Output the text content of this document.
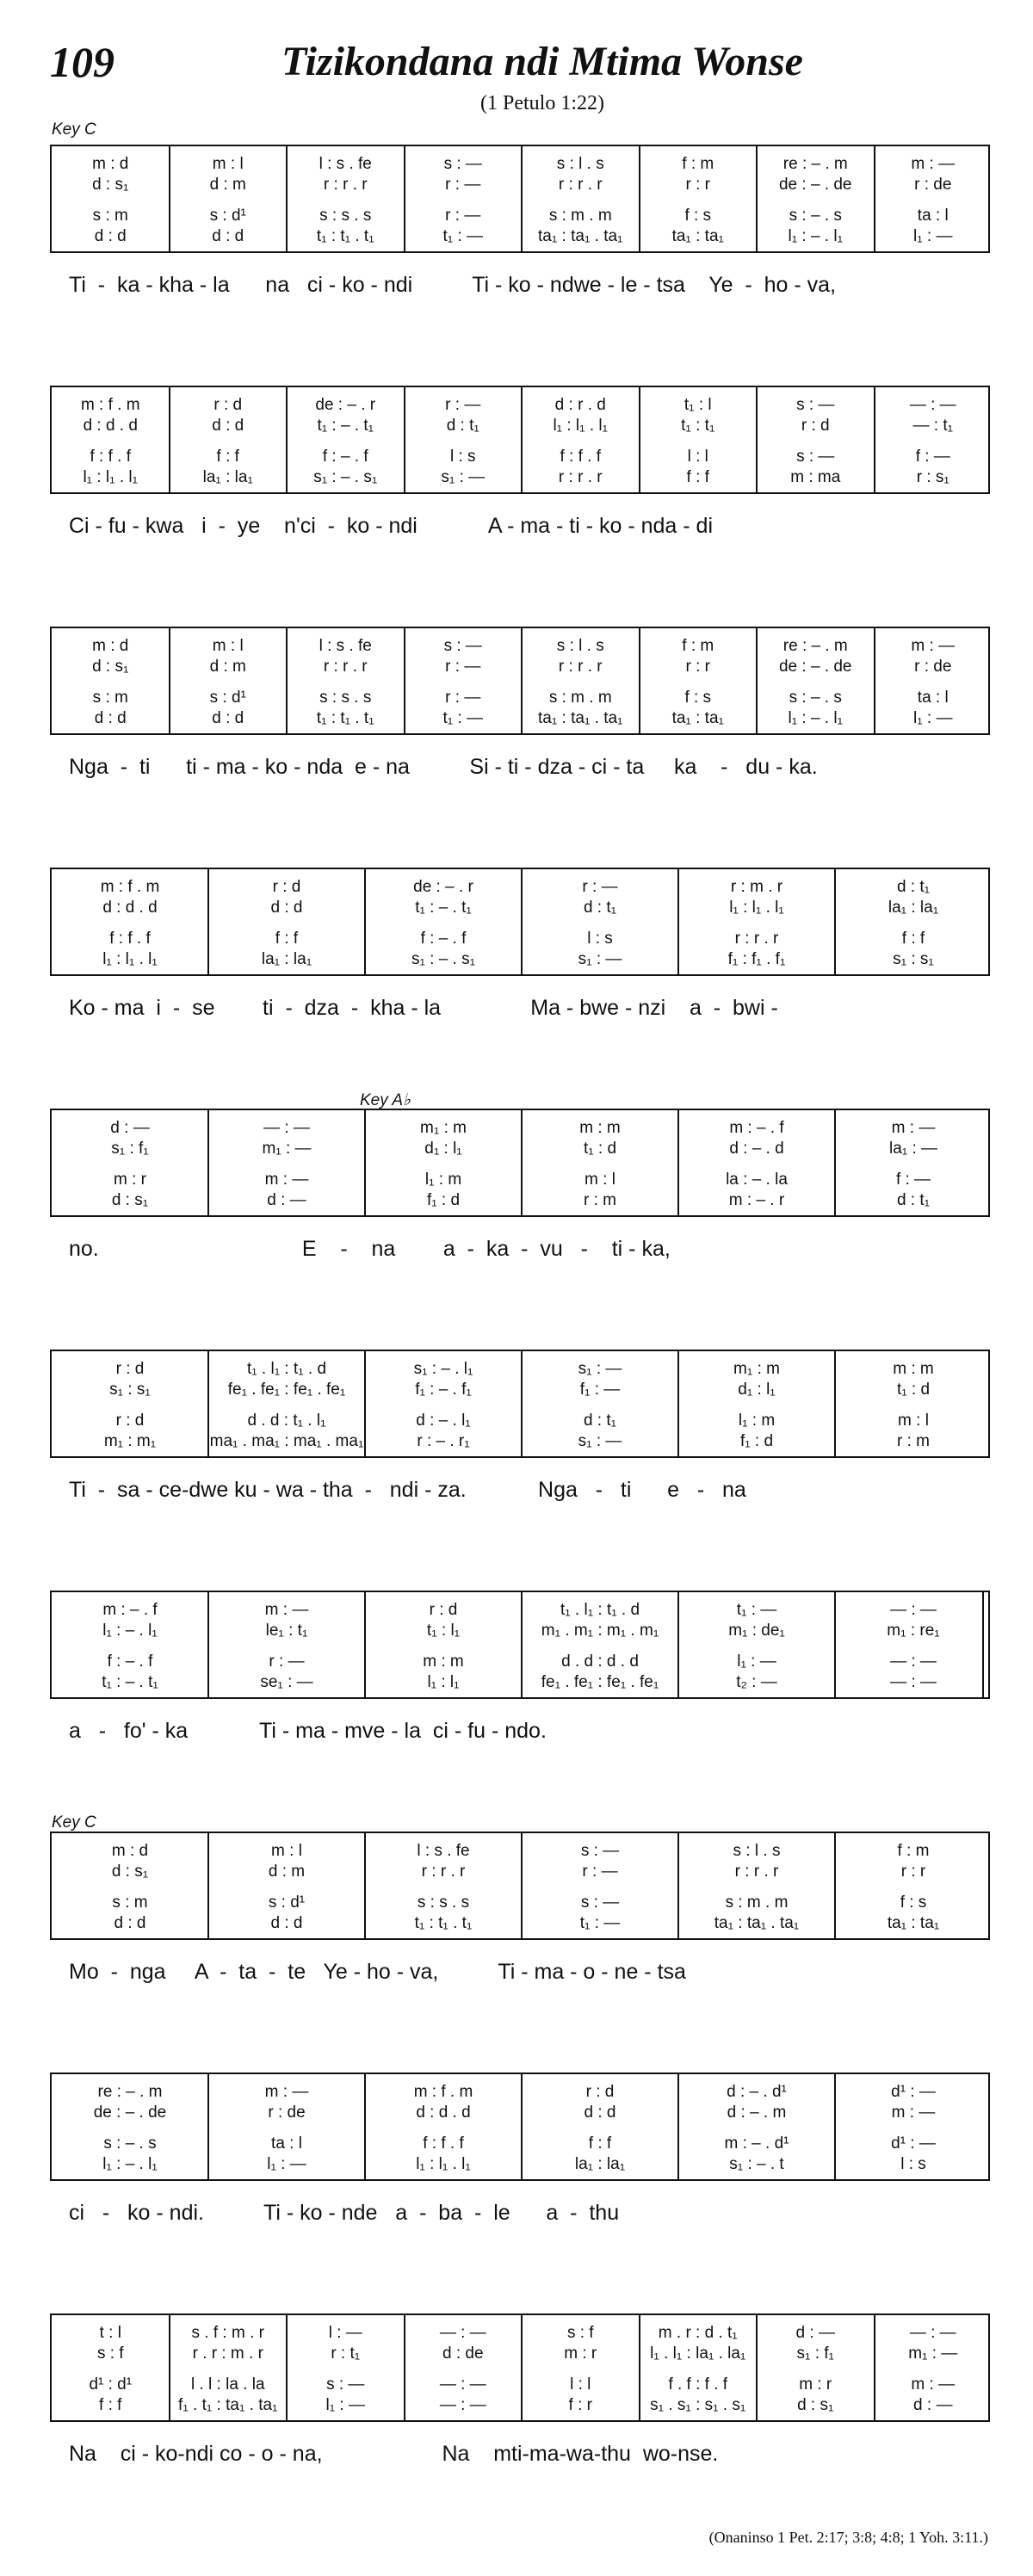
109	Tizikondana ndi Mtima Wonse
(1 Petulo 1:22)
Key C
Key A♭
Key C
m : d
d : s₁
s : m
d : d
m : l
d : m
s : d¹
d : d
l : s . fe
r : r . r
s : s . s
t₁ : t₁ . t₁
s : —
r : —
r : —
t₁ : —
s : l . s
r : r . r
s : m . m
ta₁ : ta₁ . ta₁
f : m
r : r
f : s
ta₁ : ta₁
re : – . m
de : – . de
s : – . s
l₁ : – . l₁
m : —
r : de
ta : l
l₁ : —
Ti  -  ka - kha - la      na   ci - ko - ndi          Ti - ko - ndwe - le - tsa    Ye  -  ho - va,
m : f . m
d : d . d
f : f . f
l₁ : l₁ . l₁
r : d
d : d
f : f
la₁ : la₁
de : – . r
t₁ : – . t₁
f : – . f
s₁ : – . s₁
r : —
d : t₁
l : s
s₁ : —
d : r . d
l₁ : l₁ . l₁
f : f . f
r : r . r
t₁ : l
t₁ : t₁
l : l
f : f
s : —
r : d
s : —
m : ma
— : —
— : t₁
f : —
r : s₁
Ci - fu - kwa   i  -  ye    n'ci  -  ko - ndi            A - ma - ti - ko - nda - di
m : d
d : s₁
s : m
d : d
m : l
d : m
s : d¹
d : d
l : s . fe
r : r . r
s : s . s
t₁ : t₁ . t₁
s : —
r : —
r : —
t₁ : —
s : l . s
r : r . r
s : m . m
ta₁ : ta₁ . ta₁
f : m
r : r
f : s
ta₁ : ta₁
re : – . m
de : – . de
s : – . s
l₁ : – . l₁
m : —
r : de
ta : l
l₁ : —
Nga  -  ti      ti - ma - ko - nda  e - na          Si - ti - dza - ci - ta     ka    -   du - ka.
m : f . m
d : d . d
f : f . f
l₁ : l₁ . l₁
r : d
d : d
f : f
la₁ : la₁
de : – . r
t₁ : – . t₁
f : – . f
s₁ : – . s₁
r : —
d : t₁
l : s
s₁ : —
r : m . r
l₁ : l₁ . l₁
r : r . r
f₁ : f₁ . f₁
d : t₁
la₁ : la₁
f : f
s₁ : s₁
Ko - ma  i  -  se        ti  -  dza  -  kha - la               Ma - bwe - nzi    a  -  bwi -
d : —
s₁ : f₁
m : r
d : s₁
— : —
m₁ : —
m : —
d : —
m₁ : m
d₁ : l₁
l₁ : m
f₁ : d
m : m
t₁ : d
m : l
r : m
m : – . f
d : – . d
la : – . la
m : – . r
m : —
la₁ : —
f : —
d : t₁
no.                                  E    -    na        a  -  ka  -  vu   -    ti - ka,
r : d
s₁ : s₁
r : d
m₁ : m₁
t₁ . l₁ : t₁ . d
fe₁ . fe₁ : fe₁ . fe₁
d . d : t₁ . l₁
ma₁ . ma₁ : ma₁ . ma₁
s₁ : – . l₁
f₁ : – . f₁
d : – . l₁
r : – . r₁
s₁ : —
f₁ : —
d : t₁
s₁ : —
m₁ : m
d₁ : l₁
l₁ : m
f₁ : d
m : m
t₁ : d
m : l
r : m
Ti  -  sa - ce-dwe ku - wa - tha  -   ndi - za.            Nga   -   ti      e   -   na
m : – . f
l₁ : – . l₁
f : – . f
t₁ : – . t₁
m : —
le₁ : t₁
r : —
se₁ : —
r : d
t₁ : l₁
m : m
l₁ : l₁
t₁ . l₁ : t₁ . d
m₁ . m₁ : m₁ . m₁
d . d : d . d
fe₁ . fe₁ : fe₁ . fe₁
t₁ : —
m₁ : de₁
l₁ : —
t₂ : —
— : —
m₁ : re₁
— : —
— : —
a   -   fo' - ka            Ti - ma - mve - la  ci - fu - ndo.
m : d
d : s₁
s : m
d : d
m : l
d : m
s : d¹
d : d
l : s . fe
r : r . r
s : s . s
t₁ : t₁ . t₁
s : —
r : —
s : —
t₁ : —
s : l . s
r : r . r
s : m . m
ta₁ : ta₁ . ta₁
f : m
r : r
f : s
ta₁ : ta₁
Mo  -  nga     A  -  ta  -  te   Ye - ho - va,          Ti - ma - o - ne - tsa
re : – . m
de : – . de
s : – . s
l₁ : – . l₁
m : —
r : de
ta : l
l₁ : —
m : f . m
d : d . d
f : f . f
l₁ : l₁ . l₁
r : d
d : d
f : f
la₁ : la₁
d : – . d¹
d : – . m
m : – . d¹
s₁ : – . t
d¹ : —
m : —
d¹ : —
l : s
ci   -   ko - ndi.          Ti - ko - nde   a  -  ba  -  le      a  -  thu
t : l
s : f
d¹ : d¹
f : f
s . f : m . r
r . r : m . r
l . l : la . la
f₁ . t₁ : ta₁ . ta₁
l : —
r : t₁
s : —
l₁ : —
— : —
d : de
— : —
— : —
s : f
m : r
l : l
f : r
m . r : d . t₁
l₁ . l₁ : la₁ . la₁
f . f : f . f
s₁ . s₁ : s₁ . s₁
d : —
s₁ : f₁
m : r
d : s₁
— : —
m₁ : —
m : —
d : —
Na    ci - ko-ndi co - o - na,                    Na    mti-ma-wa-thu  wo-nse.
(Onaninso 1 Pet. 2:17; 3:8; 4:8; 1 Yoh. 3:11.)
